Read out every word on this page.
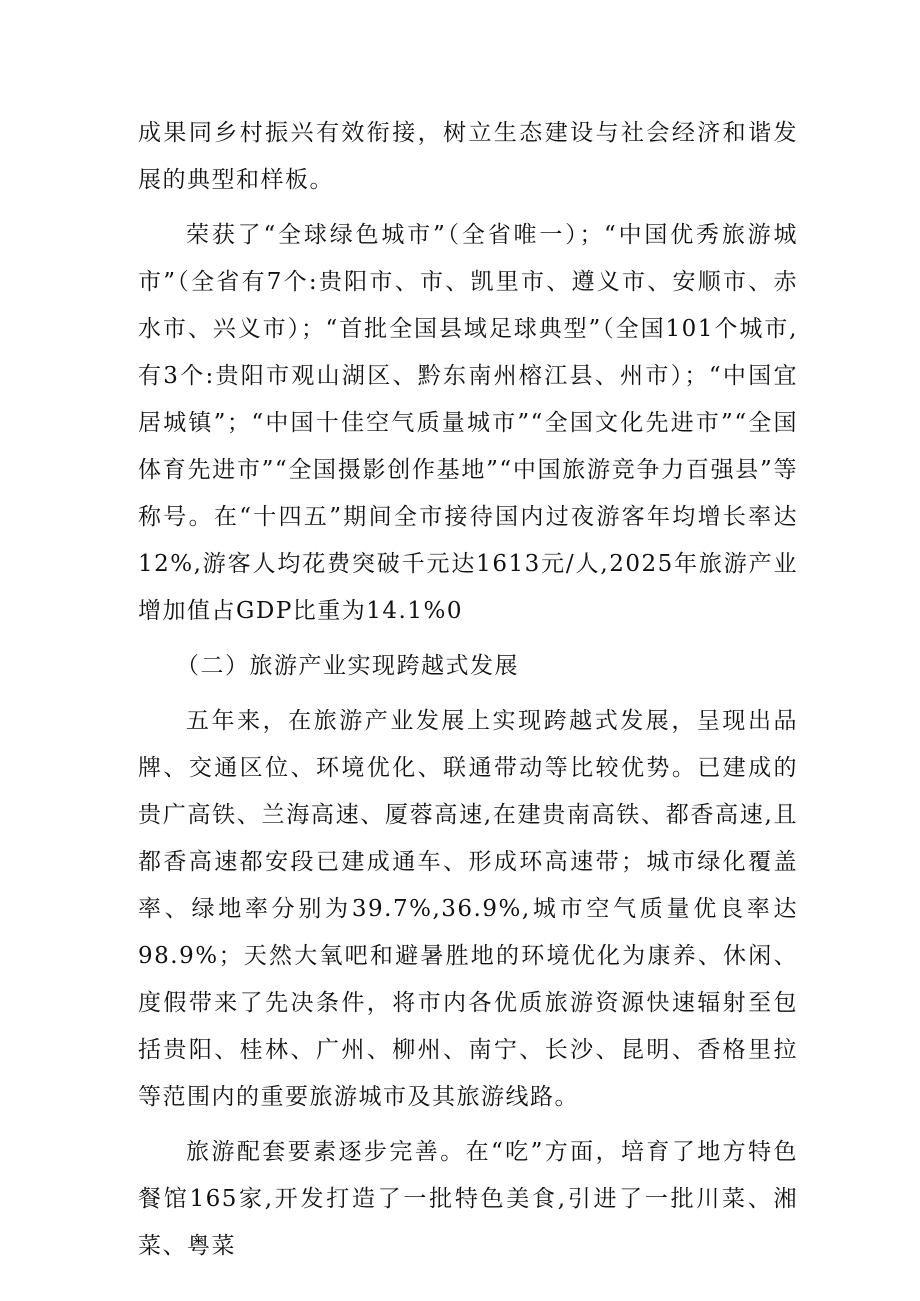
成果同乡村振兴有效衔接，树立生态建设与社会经济和谐发展的典型和样板。

荣获了“全球绿色城市”（全省唯一）；“中国优秀旅游城市”（全省有7个:贵阳市、市、凯里市、遵义市、安顺市、赤水市、兴义市）；“首批全国县域足球典型”（全国101个城市,有3个:贵阳市观山湖区、黔东南州榕江县、州市）；“中国宜居城镇”；“中国十佳空气质量城市”“全国文化先进市”“全国体育先进市”“全国摄影创作基地”“中国旅游竞争力百强县”等称号。在“十四五”期间全市接待国内过夜游客年均增长率达12%,游客人均花费突破千元达1613元/人,2025年旅游产业增加值占GDP比重为14.1%0

（二）旅游产业实现跨越式发展

五年来，在旅游产业发展上实现跨越式发展，呈现出品牌、交通区位、环境优化、联通带动等比较优势。已建成的贵广高铁、兰海高速、厦蓉高速,在建贵南高铁、都香高速,且都香高速都安段已建成通车、形成环高速带；城市绿化覆盖率、绿地率分别为39.7%,36.9%,城市空气质量优良率达98.9%；天然大氧吧和避暑胜地的环境优化为康养、休闲、度假带来了先决条件，将市内各优质旅游资源快速辐射至包括贵阳、桂林、广州、柳州、南宁、长沙、昆明、香格里拉等范围内的重要旅游城市及其旅游线路。

旅游配套要素逐步完善。在“吃”方面，培育了地方特色餐馆165家,开发打造了一批特色美食,引进了一批川菜、湘菜、粤菜
